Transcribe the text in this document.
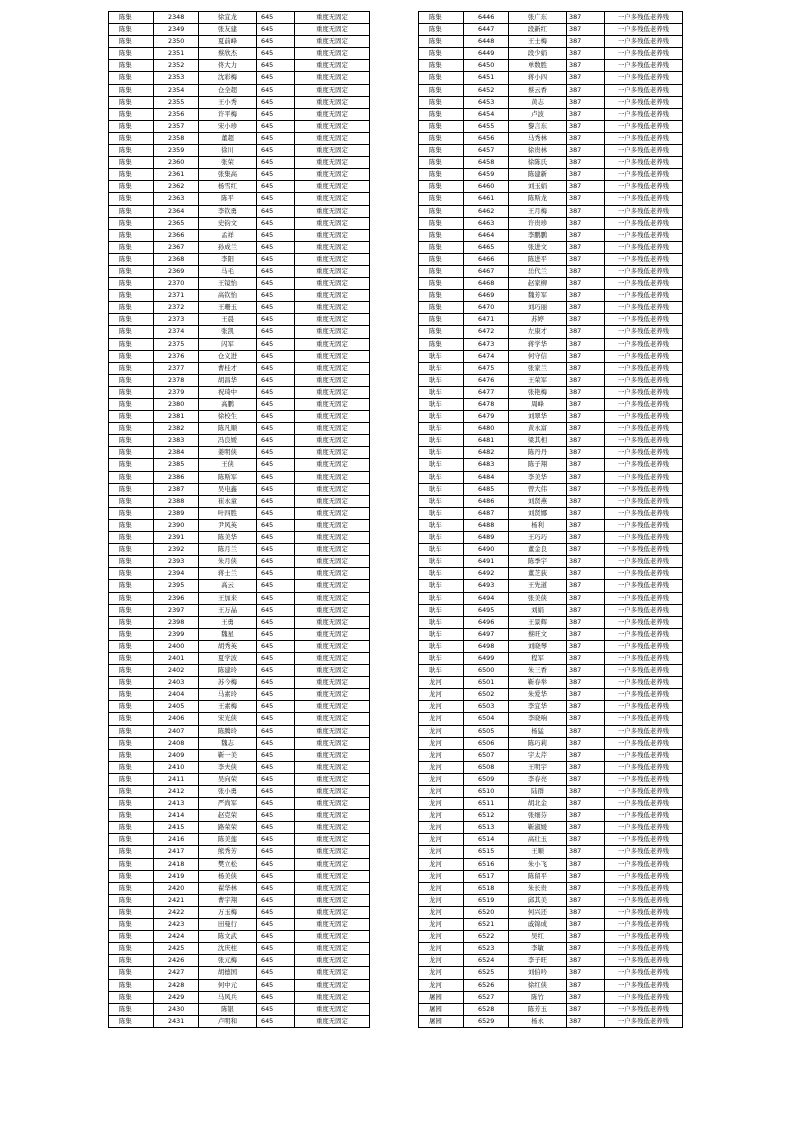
陈集	2348	徐宜龙	645	重度无固定
陈集	2349	张友建	645	重度无固定
陈集	2350	夏前峰	645	重度无固定
陈集	2351	蔡欣杰	645	重度无固定
陈集	2352	佟大力	645	重度无固定
陈集	2353	沈彩梅	645	重度无固定
陈集	2354	仓全超	645	重度无固定
陈集	2355	王小秀	645	重度无固定
陈集	2356	许平梅	645	重度无固定
陈集	2357	宋小珍	645	重度无固定
陈集	2358	董超	645	重度无固定
陈集	2359	徐川	645	重度无固定
陈集	2360	张荣	645	重度无固定
陈集	2361	张集高	645	重度无固定
陈集	2362	杨雪红	645	重度无固定
陈集	2363	陈平	645	重度无固定
陈集	2364	李钦勇	645	重度无固定
陈集	2365	史钧文	645	重度无固定
陈集	2366	孟祥	645	重度无固定
陈集	2367	孙成兰	645	重度无固定
陈集	2368	李阳	645	重度无固定
陈集	2369	马毛	645	重度无固定
陈集	2370	王镜怡	645	重度无固定
陈集	2371	高钦怡	645	重度无固定
陈集	2372	王珊玉	645	重度无固定
陈集	2373	王晨	645	重度无固定
陈集	2374	张凯	645	重度无固定
陈集	2375	闪军	645	重度无固定
陈集	2376	仓义进	645	重度无固定
陈集	2377	曹桂才	645	重度无固定
陈集	2378	胡昌华	645	重度无固定
陈集	2379	祝琦中	645	重度无固定
陈集	2380	高鹏	645	重度无固定
陈集	2381	徐校生	645	重度无固定
陈集	2382	陈凡顺	645	重度无固定
陈集	2383	冯良嫒	645	重度无固定
陈集	2384	姜明侠	645	重度无固定
陈集	2385	王侠	645	重度无固定
陈集	2386	陈斯军	645	重度无固定
陈集	2387	吴电鑫	645	重度无固定
陈集	2388	崔永童	645	重度无固定
陈集	2389	叶四胜	645	重度无固定
陈集	2390	尹风英	645	重度无固定
陈集	2391	陈美华	645	重度无固定
陈集	2392	陈月兰	645	重度无固定
陈集	2393	朱月侠	645	重度无固定
陈集	2394	蒋士兰	645	重度无固定
陈集	2395	高云	645	重度无固定
陈集	2396	王加来	645	重度无固定
陈集	2397	王万晶	645	重度无固定
陈集	2398	王勇	645	重度无固定
陈集	2399	魏星	645	重度无固定
陈集	2400	胡秀英	645	重度无固定
陈集	2401	夏学波	645	重度无固定
陈集	2402	陈建玲	645	重度无固定
陈集	2403	苏今梅	645	重度无固定
陈集	2404	马素玲	645	重度无固定
陈集	2405	王素梅	645	重度无固定
陈集	2406	宋光侠	645	重度无固定
陈集	2407	陈腾玲	645	重度无固定
陈集	2408	魏志	645	重度无固定
陈集	2409	靳一美	645	重度无固定
陈集	2410	李夫侠	645	重度无固定
陈集	2411	吴向荣	645	重度无固定
陈集	2412	张小勇	645	重度无固定
陈集	2413	严尚军	645	重度无固定
陈集	2414	赵克荣	645	重度无固定
陈集	2415	路荣荣	645	重度无固定
陈集	2416	陈美莲	645	重度无固定
陈集	2417	熊秀芳	645	重度无固定
陈集	2418	樊立松	645	重度无固定
陈集	2419	杨美侠	645	重度无固定
陈集	2420	翟华林	645	重度无固定
陈集	2421	曹宇翔	645	重度无固定
陈集	2422	万玉梅	645	重度无固定
陈集	2423	田曼行	645	重度无固定
陈集	2424	陈文武	645	重度无固定
陈集	2425	沈庆柱	645	重度无固定
陈集	2426	张元梅	645	重度无固定
陈集	2427	胡德国	645	重度无固定
陈集	2428	何中元	645	重度无固定
陈集	2429	马风兵	645	重度无固定
陈集	2430	陈银	645	重度无固定
陈集	2431	卢明和	645	重度无固定
陈集	6446	张广东	387	一户多残低老养残
陈集	6447	段新红	387	一户多残低老养残
陈集	6448	王士梅	387	一户多残低老养残
陈集	6449	段少娟	387	一户多残低老养残
陈集	6450	单数胜	387	一户多残低老养残
陈集	6451	蒋小四	387	一户多残低老养残
陈集	6452	蔡云香	387	一户多残低老养残
陈集	6453	黄志	387	一户多残低老养残
陈集	6454	卢波	387	一户多残低老养残
陈集	6455	黎言东	387	一户多残低老养残
陈集	6456	马秀林	387	一户多残低老养残
陈集	6457	徐贵林	387	一户多残低老养残
陈集	6458	徐陈氏	387	一户多残低老养残
陈集	6459	陈建新	387	一户多残低老养残
陈集	6460	刘玉娟	387	一户多残低老养残
陈集	6461	陈斯龙	387	一户多残低老养残
陈集	6462	王月梅	387	一户多残低老养残
陈集	6463	许贵珍	387	一户多残低老养残
陈集	6464	李鹏鹏	387	一户多残低老养残
陈集	6465	张进文	387	一户多残低老养残
陈集	6466	陈进平	387	一户多残低老养残
陈集	6467	岳代兰	387	一户多残低老养残
陈集	6468	赵家柳	387	一户多残低老养残
陈集	6469	魏芳军	387	一户多残低老养残
陈集	6470	刘巧丽	387	一户多残低老养残
陈集	6471	苏婷	387	一户多残低老养残
陈集	6472	左康才	387	一户多残低老养残
陈集	6473	蒋学华	387	一户多残低老养残
耿车	6474	何守信	387	一户多残低老养残
耿车	6475	张家兰	387	一户多残低老养残
耿车	6476	王荣军	387	一户多残低老养残
耿车	6477	张艳梅	387	一户多残低老养残
耿车	6478	周峰	387	一户多残低老养残
耿车	6479	刘翠华	387	一户多残低老养残
耿车	6480	黄永富	387	一户多残低老养残
耿车	6481	梁其相	387	一户多残低老养残
耿车	6482	陈丹丹	387	一户多残低老养残
耿车	6483	陈子翔	387	一户多残低老养残
耿车	6484	李美华	387	一户多残低老养残
耿车	6485	曾大伟	387	一户多残低老养残
耿车	6486	刘贤燕	387	一户多残低老养残
耿车	6487	刘贤娜	387	一户多残低老养残
耿车	6488	杨利	387	一户多残低老养残
耿车	6489	王巧巧	387	一户多残低老养残
耿车	6490	董金良	387	一户多残低老养残
耿车	6491	陈季宇	387	一户多残低老养残
耿车	6492	董芝荻	387	一户多残低老养残
耿车	6493	王先道	387	一户多残低老养残
耿车	6494	张美侠	387	一户多残低老养残
耿车	6495	刘娟	387	一户多残低老养残
耿车	6496	王景辉	387	一户多残低老养残
耿车	6497	蔡旺文	387	一户多残低老养残
耿车	6498	刘晓琴	387	一户多残低老养残
耿车	6499	程军	387	一户多残低老养残
耿车	6500	朱三香	387	一户多残低老养残
龙河	6501	靳春举	387	一户多残低老养残
龙河	6502	朱爱华	387	一户多残低老养残
龙河	6503	李宜华	387	一户多残低老养残
龙河	6504	李晓响	387	一户多残低老养残
龙河	6505	杨猛	387	一户多残低老养残
龙河	6506	陈巧莉	387	一户多残低老养残
龙河	6507	宇太芹	387	一户多残低老养残
龙河	6508	王明宇	387	一户多残低老养残
龙河	6509	李春亮	387	一户多残低老养残
龙河	6510	陆群	387	一户多残低老养残
龙河	6511	胡北金	387	一户多残低老养残
龙河	6512	张细芬	387	一户多残低老养残
龙河	6513	靳淑媛	387	一户多残低老养残
龙河	6514	高壮玉	387	一户多残低老养残
龙河	6515	王顺	387	一户多残低老养残
龙河	6516	朱小飞	387	一户多残低老养残
龙河	6517	陈留平	387	一户多残低老养残
龙河	6518	朱长贵	387	一户多残低老养残
龙河	6519	邱其美	387	一户多残低老养残
龙河	6520	何兴还	387	一户多残低老养残
龙河	6521	戚锦成	387	一户多残低老养残
龙河	6522	吴红	387	一户多残低老养残
龙河	6523	李敏	387	一户多残低老养残
龙河	6524	李子旺	387	一户多残低老养残
龙河	6525	刘伯吟	387	一户多残低老养残
龙河	6526	徐红侠	387	一户多残低老养残
屠园	6527	陈竹	387	一户多残低老养残
屠园	6528	陈芳玉	387	一户多残低老养残
屠园	6529	杨永	387	一户多残低老养残
